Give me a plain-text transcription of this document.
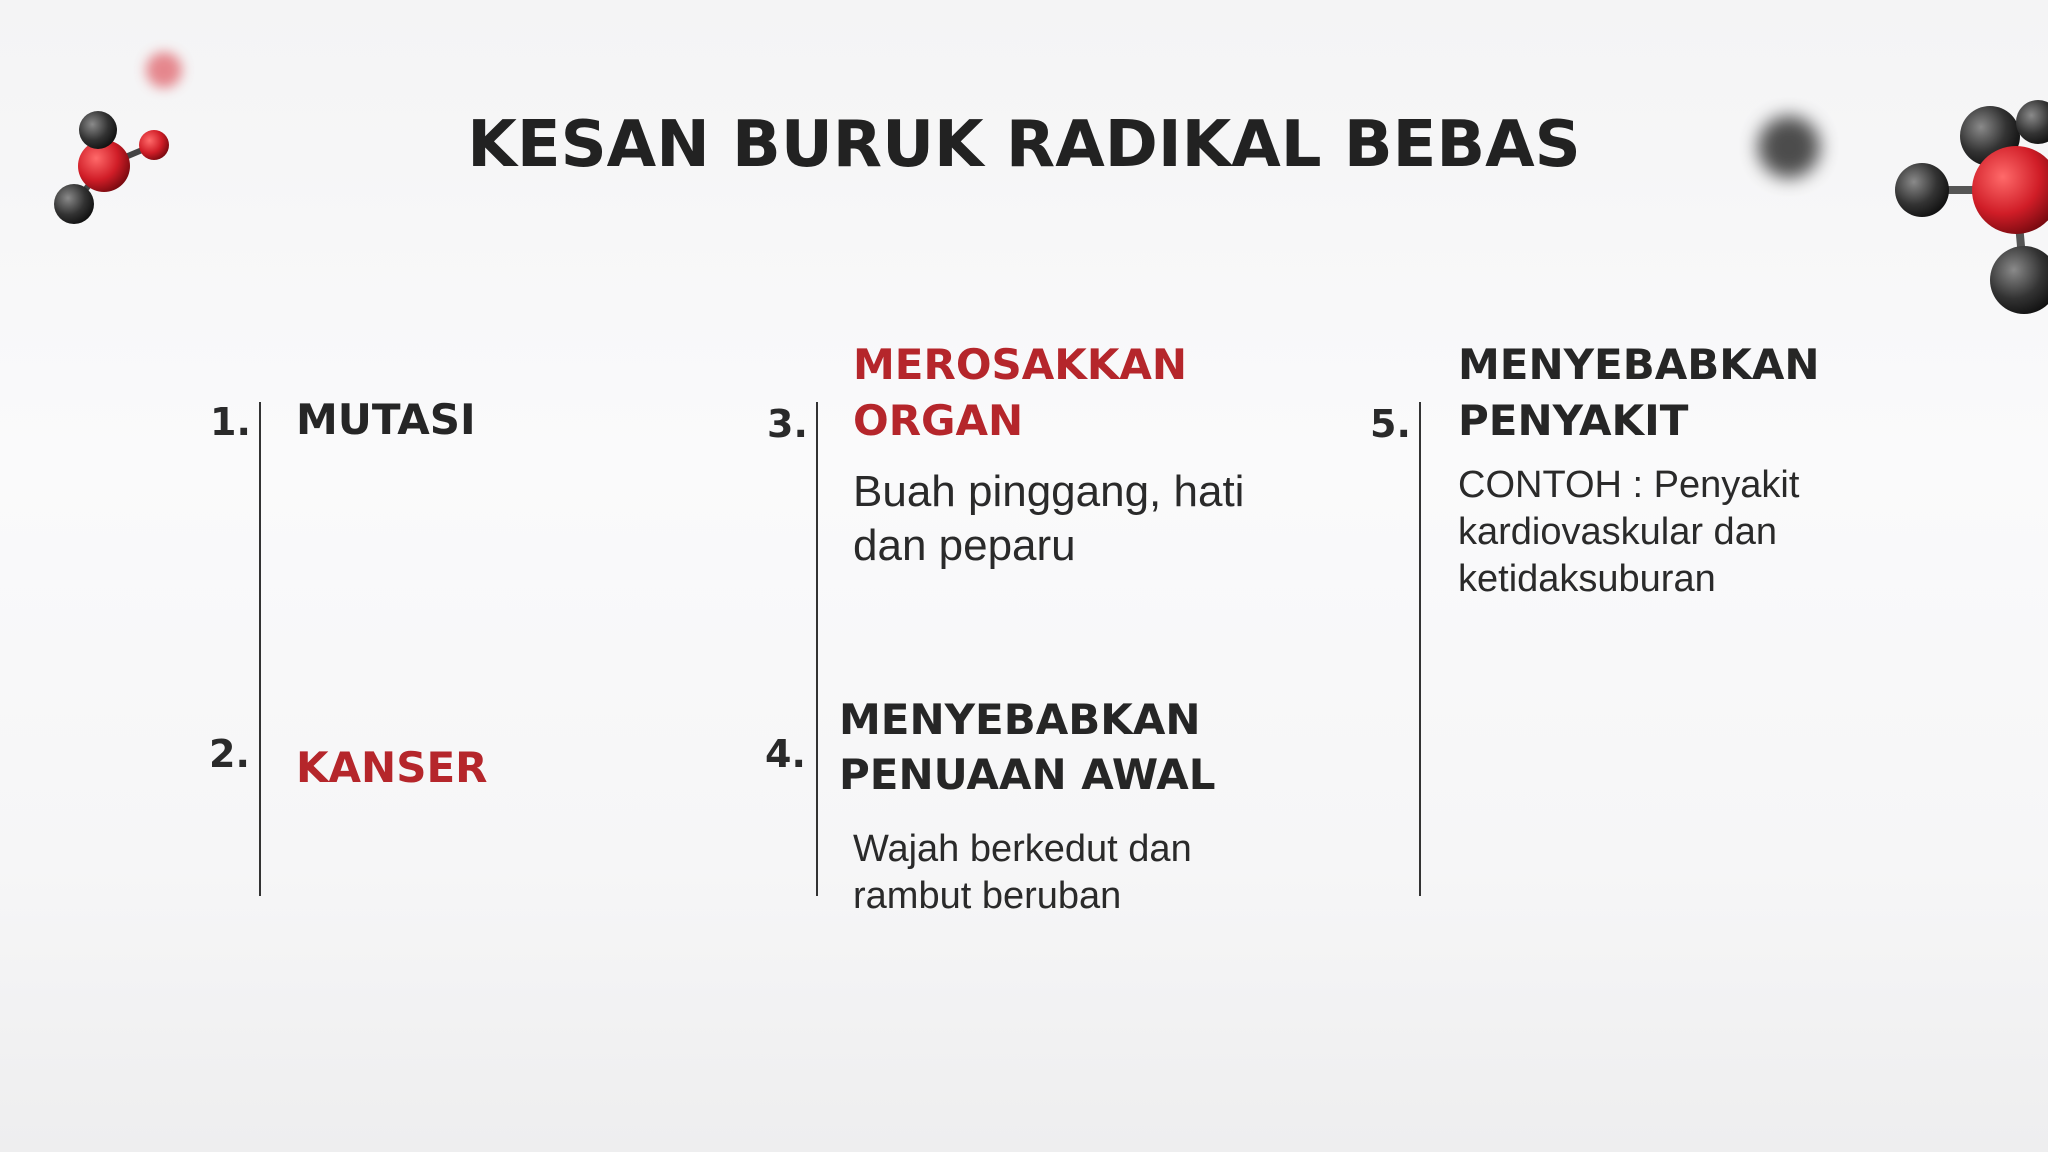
KESAN BURUK RADIKAL BEBAS
1. MUTASI
2. KANSER
3.
MEROSAKKAN
ORGAN
Buah pinggang, hati
dan peparu
4.
MENYEBABKAN
PENUAAN AWAL
Wajah berkedut dan
rambut beruban
5.
MENYEBABKAN
PENYAKIT
CONTOH : Penyakit
kardiovaskular dan
ketidaksuburan
